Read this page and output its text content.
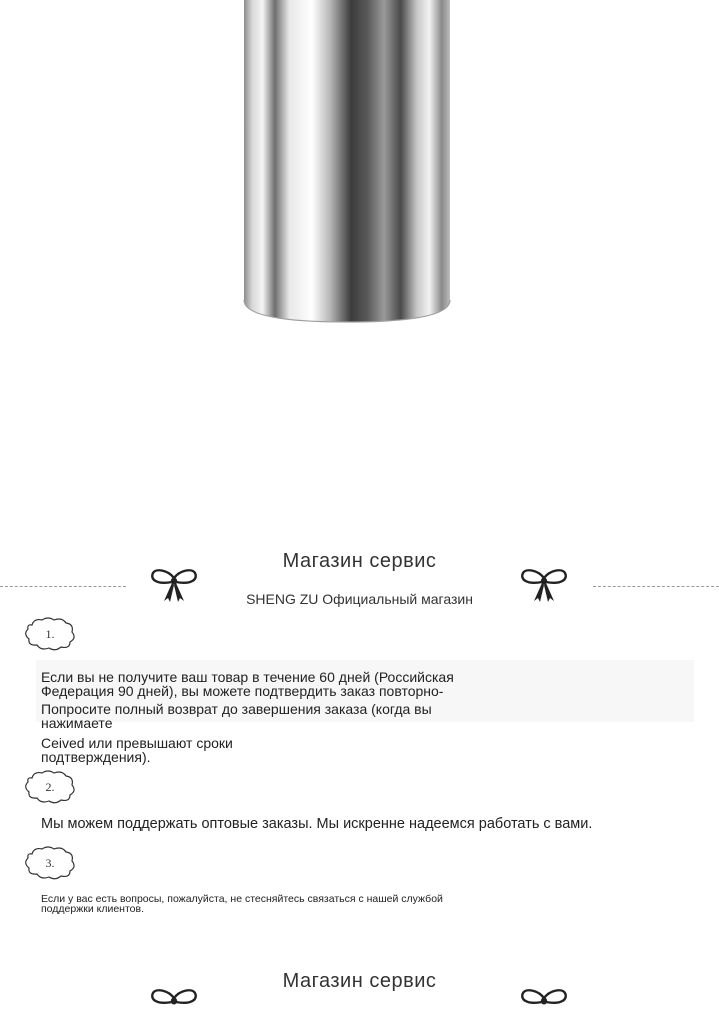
Магазин сервис
SHENG ZU Официальный магазин
1.
Если вы не получите ваш товар в течение 60 дней (Российская
Федерация 90 дней), вы можете подтвердить заказ повторно-
Попросите полный возврат до завершения заказа (когда вы
нажимаете
Ceived или превышают сроки
подтверждения).
2.
Мы можем поддержать оптовые заказы. Мы искренне надеемся работать с вами.
3.
Если у вас есть вопросы, пожалуйста, не стесняйтесь связаться с нашей службой
поддержки клиентов.
Магазин сервис
